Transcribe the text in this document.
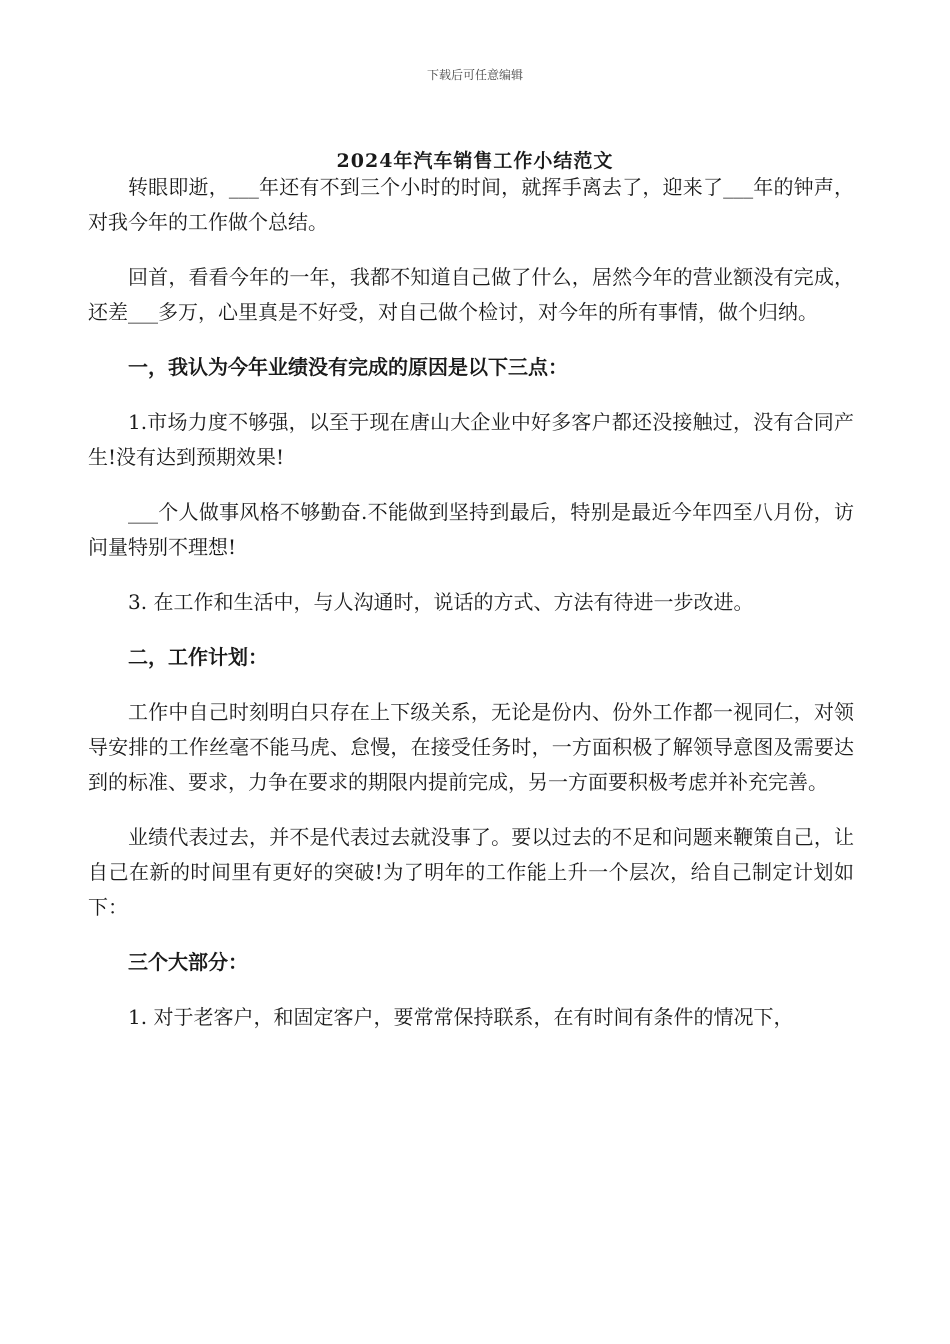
下载后可任意编辑
2024年汽车销售工作小结范文

转眼即逝，___年还有不到三个小时的时间，就挥手离去了，迎来了___年的钟声，对我今年的工作做个总结。

回首，看看今年的一年，我都不知道自己做了什么，居然今年的营业额没有完成，还差___多万，心里真是不好受，对自己做个检讨，对今年的所有事情，做个归纳。

一，我认为今年业绩没有完成的原因是以下三点：

1.市场力度不够强，以至于现在唐山大企业中好多客户都还没接触过，没有合同产生!没有达到预期效果!

___个人做事风格不够勤奋.不能做到坚持到最后，特别是最近今年四至八月份，访问量特别不理想!

3. 在工作和生活中，与人沟通时，说话的方式、方法有待进一步改进。

二，工作计划：

工作中自己时刻明白只存在上下级关系，无论是份内、份外工作都一视同仁，对领导安排的工作丝毫不能马虎、怠慢，在接受任务时，一方面积极了解领导意图及需要达到的标准、要求，力争在要求的期限内提前完成，另一方面要积极考虑并补充完善。

业绩代表过去，并不是代表过去就没事了。要以过去的不足和问题来鞭策自己，让自己在新的时间里有更好的突破!为了明年的工作能上升一个层次，给自己制定计划如下：

三个大部分：

1. 对于老客户，和固定客户，要常常保持联系，在有时间有条件的情况下，
